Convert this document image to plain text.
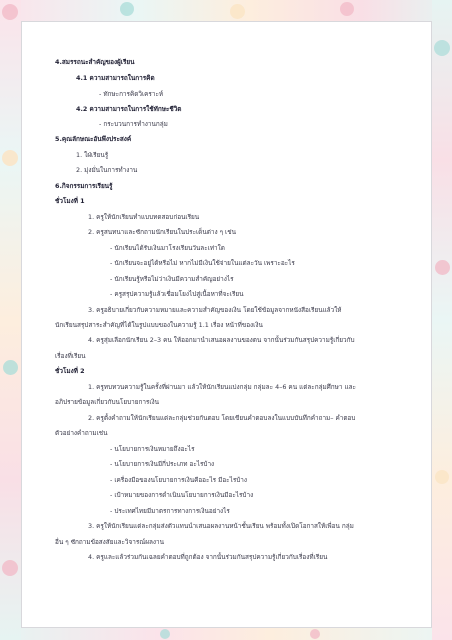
4.สมรรถนะสำคัญของผู้เรียน
4.1 ความสามารถในการคิด
- ทักษะการคิดวิเคราะห์
4.2 ความสามารถในการใช้ทักษะชีวิต
- กระบวนการทำงานกลุ่ม
5.คุณลักษณะอันพึงประสงค์
1. ใฝ่เรียนรู้
2. มุ่งมั่นในการทำงาน
6.กิจกรรมการเรียนรู้
ชั่วโมงที่ 1
1. ครูให้นักเรียนทำแบบทดสอบก่อนเรียน
2. ครูสนทนาและซักถามนักเรียนในประเด็นต่าง ๆ เช่น
- นักเรียนได้รับเงินมาโรงเรียนวันละเท่าใด
- นักเรียนจะอยู่ได้หรือไม่ หากไม่มีเงินใช้จ่ายในแต่ละวัน เพราะอะไร
- นักเรียนรู้หรือไม่ว่าเงินมีความสำคัญอย่างไร
- ครูสรุปความรู้แล้วเชื่อมโยงไปสู่เนื้อหาที่จะเรียน
3. ครูอธิบายเกี่ยวกับความหมายและความสำคัญของเงิน โดยใช้ข้อมูลจากหนังสือเรียนแล้วให้
นักเรียนสรุปสาระสำคัญที่ได้ในรูปแบบของในความรู้ 1.1 เรื่อง หน้าที่ของเงิน
4. ครูสุ่มเลือกนักเรียน 2–3 คน ให้ออกมานำเสนอผลงานของตน จากนั้นร่วมกันสรุปความรู้เกี่ยวกับ
เรื่องที่เรียน
ชั่วโมงที่ 2
1. ครูทบทวนความรู้ในครั้งที่ผ่านมา แล้วให้นักเรียนแบ่งกลุ่ม กลุ่มละ 4–6 คน แต่ละกลุ่มศึกษา และ
อภิปรายข้อมูลเกี่ยวกับนโยบายการเงิน
2. ครูตั้งคำถามให้นักเรียนแต่ละกลุ่มช่วยกันตอบ โดยเขียนคำตอบลงในแบบบันทึกคำถาม– คำตอบ
ตัวอย่างคำถามเช่น
- นโยบายการเงินหมายถึงอะไร
- นโยบายการเงินมีกี่ประเภท อะไรบ้าง
- เครื่องมือของนโยบายการเงินคืออะไร มีอะไรบ้าง
- เป้าหมายของการดำเนินนโยบายการเงินมีอะไรบ้าง
- ประเทศไทยมีมาตรการทางการเงินอย่างไร
3. ครูให้นักเรียนแต่ละกลุ่มส่งตัวแทนนำเสนอผลงานหน้าชั้นเรียน พร้อมทั้งเปิดโอกาสให้เพื่อน กลุ่ม
อื่น ๆ ซักถามข้อสงสัยและวิจารณ์ผลงาน
4. ครูและแล้วร่วมกันเฉลยคำตอบที่ถูกต้อง จากนั้นร่วมกันสรุปความรู้เกี่ยวกับเรื่องที่เรียน
